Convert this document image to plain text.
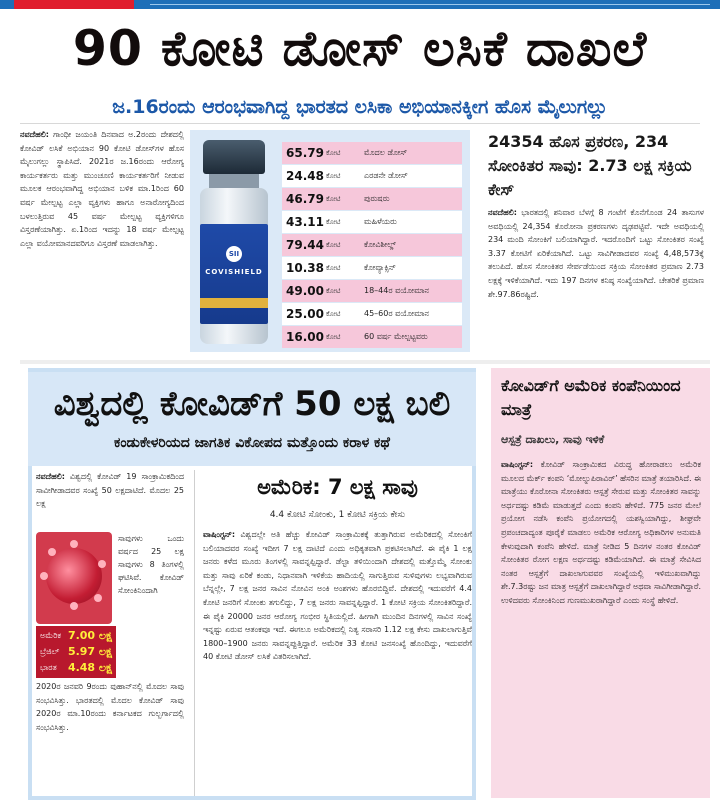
90 ಕೋಟಿ ಡೋಸ್ ಲಸಿಕೆ ದಾಖಲೆ
ಜ.16ರಂದು ಆರಂಭವಾಗಿದ್ದ ಭಾರತದ ಲಸಿಕಾ ಅಭಿಯಾನಕ್ಕೀಗ ಹೊಸ ಮೈಲುಗಲ್ಲು
ನವದೆಹಲಿ: ಗಾಂಧೀ ಜಯಂತಿ ದಿನವಾದ ಅ.2ರಂದು ದೇಶದಲ್ಲಿ ಕೋವಿಡ್ ಲಸಿಕೆ ಅಭಿಯಾನ 90 ಕೋಟಿ ಡೋಸ್‌ಗಳ ಹೊಸ ಮೈಲುಗಲ್ಲು ಸ್ಥಾಪಿಸಿದೆ. 2021ರ ಜ.16ರಂದು ಆರೋಗ್ಯ ಕಾರ್ಯಕರ್ತರು ಮತ್ತು ಮುಂಚೂಣಿ ಕಾರ್ಯಕರ್ತರಿಗೆ ನೀಡುವ ಮೂಲಕ ಆರಂಭವಾಗಿದ್ದ ಅಭಿಯಾನ ಬಳಿಕ ಮಾ.1ರಿಂದ 60 ವರ್ಷ ಮೇಲ್ಪಟ್ಟ ಎಲ್ಲಾ ವ್ಯಕ್ತಿಗಳು ಹಾಗೂ ಅನಾರೋಗ್ಯದಿಂದ ಬಳಲುತ್ತಿರುವ 45 ವರ್ಷ ಮೇಲ್ಪಟ್ಟ ವ್ಯಕ್ತಿಗಳಿಗೂ ವಿಸ್ತರಣೆಯಾಗಿತ್ತು. ಏ.1ರಿಂದ ಇದನ್ನು 18 ವರ್ಷ ಮೇಲ್ಪಟ್ಟ ಎಲ್ಲಾ ವಯೋಮಾನದವರಿಗೂ ವಿಸ್ತರಣೆ ಮಾಡಲಾಗಿತ್ತು.
SII
COVISHIELD
65.79 ಕೋಟಿ	ಮೊದಲ ಡೋಸ್
24.48 ಕೋಟಿ	ಎರಡನೇ ಡೋಸ್
46.79 ಕೋಟಿ	ಪುರುಷರು
43.11 ಕೋಟಿ	ಮಹಿಳೆಯರು
79.44 ಕೋಟಿ	ಕೋವಿಶೀಲ್ಡ್
10.38 ಕೋಟಿ	ಕೋವ್ಯಾಕ್ಸಿನ್
49.00 ಕೋಟಿ	18–44ರ ವಯೋಮಾನ
25.00 ಕೋಟಿ	45–60ರ ವಯೋಮಾನ
16.00 ಕೋಟಿ	60 ವರ್ಷ ಮೇಲ್ಪಟ್ಟವರು
24354 ಹೊಸ ಪ್ರಕರಣ, 234 ಸೋಂಕಿತರ ಸಾವು: 2.73 ಲಕ್ಷ ಸಕ್ರಿಯ ಕೇಸ್
ನವದೆಹಲಿ: ಭಾರತದಲ್ಲಿ ಶನಿವಾರ ಬೆಳಗ್ಗೆ 8 ಗಂಟೆಗೆ ಕೊನೆಗೊಂಡ 24 ತಾಸುಗಳ ಅವಧಿಯಲ್ಲಿ 24,354 ಕೊರೋನಾ ಪ್ರಕರಣಗಳು ದೃಢಪಟ್ಟಿವೆ. ಇದೇ ಅವಧಿಯಲ್ಲಿ 234 ಮಂದಿ ಸೋಂಕಿಗೆ ಬಲಿಯಾಗಿದ್ದಾರೆ. ಇದರೊಂದಿಗೆ ಒಟ್ಟು ಸೋಂಕಿತರ ಸಂಖ್ಯೆ 3.37 ಕೋಟಿಗೆ ಏರಿಕೆಯಾಗಿದೆ. ಒಟ್ಟು ಸಾವಿಗೀಡಾದವರ ಸಂಖ್ಯೆ 4,48,573ಕ್ಕೆ ತಲುಪಿದೆ. ಹೊಸ ಸೋಂಕಿತರ ಸೇರ್ಪಡೆಯಿಂದ ಸಕ್ರಿಯ ಸೋಂಕಿತರ ಪ್ರಮಾಣ 2.73 ಲಕ್ಷಕ್ಕೆ ಇಳಿಕೆಯಾಗಿದೆ. ಇದು 197 ದಿನಗಳ ಕನಿಷ್ಠ ಸಂಖ್ಯೆಯಾಗಿದೆ. ಚೇತರಿಕೆ ಪ್ರಮಾಣ ಶೇ.97.86ರಷ್ಟಿದೆ.
ವಿಶ್ವದಲ್ಲಿ ಕೋವಿಡ್‌ಗೆ 50 ಲಕ್ಷ ಬಲಿ
ಕಂಡುಕೇಳರಿಯದ ಜಾಗತಿಕ ವಿಕೋಪದ ಮತ್ತೊಂದು ಕರಾಳ ಕಥೆ
ನವದೆಹಲಿ: ವಿಶ್ವದಲ್ಲಿ ಕೋವಿಡ್ 19 ಸಾಂಕ್ರಾಮಿಕದಿಂದ ಸಾವೀಗೀಡಾದವರ ಸಂಖ್ಯೆ 50 ಲಕ್ಷದಾಟಿದೆ. ಮೊದಲ 25 ಲಕ್ಷ
ಸಾವುಗಳು ಒಂದು ವರ್ಷದ 25 ಲಕ್ಷ ಸಾವುಗಳು 8 ತಿಂಗಳಲ್ಲಿ ಘಟಿಸಿವೆ. ಕೋವಿಡ್ ಸೋಂಕಿನಿಂದಾಗಿ
ಅಮೆರಿಕ 7.00 ಲಕ್ಷ
ಬ್ರೆಜಿಲ್ 5.97 ಲಕ್ಷ
ಭಾರತ 4.48 ಲಕ್ಷ
2020ರ ಜನವರಿ 9ರಂದು ವುಹಾನ್‌ನಲ್ಲಿ ಮೊದಲ ಸಾವು ಸಂಭವಿಸಿತ್ತು. ಭಾರತದಲ್ಲಿ ಮೊದಲ ಕೋವಿಡ್ ಸಾವು 2020ರ ಮಾ.10ರಂದು ಕರ್ನಾಟಕದ ಗುಲ್ಬರ್ಗಾದಲ್ಲಿ ಸಂಭವಿಸಿತ್ತು.
ಅಮೆರಿಕ: 7 ಲಕ್ಷ ಸಾವು
4.4 ಕೋಟಿ ಸೋಂಕು, 1 ಕೋಟಿ ಸಕ್ರಿಯ ಕೇಸು
ವಾಷಿಂಗ್ಟನ್: ವಿಶ್ವದಲ್ಲೇ ಅತಿ ಹೆಚ್ಚು ಕೋವಿಡ್ ಸಾಂಕ್ರಾಮಿಕಕ್ಕೆ ತುತ್ತಾಗಿರುವ ಅಮೆರಿಕದಲ್ಲಿ ಸೋಂಕಿಗೆ ಬಲಿಯಾದವರ ಸಂಖ್ಯೆ ಇದೀಗ 7 ಲಕ್ಷ ದಾಟಿದೆ ಎಂದು ಅಧಿಕೃತವಾಗಿ ಪ್ರಕಟಿಸಲಾಗಿದೆ. ಈ ಪೈಕಿ 1 ಲಕ್ಷ ಜನರು ಕಳೆದ ಮೂರು ತಿಂಗಳಲ್ಲಿ ಸಾವನ್ನಪ್ಪಿದ್ದಾರೆ. ಡೆಲ್ಟಾ ತಳಿಯಿಂದಾಗಿ ದೇಶದಲ್ಲಿ ಮತ್ತೊಮ್ಮೆ ಸೋಂಕು ಮತ್ತು ಸಾವು ಏರಿಕೆ ಕಂಡು, ನಿಧಾನವಾಗಿ ಇಳಿಕೆಯ ಹಾದಿಯಲ್ಲಿ ಸಾಗುತ್ತಿರುವ ಸುಳಿವುಗಳು ಲಭ್ಯವಾಗಿರುವ ಬೆನ್ನಲ್ಲೇ, 7 ಲಕ್ಷ ಜನರ ಸಾವಿನ ನೋವಿನ ಅಂಕಿ ಅಂಶಗಳು ಹೊರಬಿದ್ದಿವೆ. ದೇಶದಲ್ಲಿ ಇದುವರೆಗೆ 4.4 ಕೋಟಿ ಜನರಿಗೆ ಸೋಂಕು ತಗುಲಿದ್ದು, 7 ಲಕ್ಷ ಜನರು ಸಾವನ್ನಪ್ಪಿದ್ದಾರೆ. 1 ಕೋಟಿ ಸಕ್ರಿಯ ಸೋಂಕಿತರಿದ್ದಾರೆ. ಈ ಪೈಕಿ 20000 ಜನರ ಆರೋಗ್ಯ ಗಂಭೀರ ಸ್ಥಿತಿಯಲ್ಲಿದೆ. ಹೀಗಾಗಿ ಮುಂದಿನ ದಿನಗಳಲ್ಲಿ ಸಾವಿನ ಸಂಖ್ಯೆ ಇನ್ನಷ್ಟು ಏರುವ ಆತಂಕವೂ ಇದೆ. ಈಗಲೂ ಅಮೆರಿಕದಲ್ಲಿ ನಿತ್ಯ ಸರಾಸರಿ 1.12 ಲಕ್ಷ ಕೇಸು ದಾಖಲಾಗುತ್ತಿವೆ 1800–1900 ಜನರು ಸಾವನ್ನಪ್ಪುತ್ತಿದ್ದಾರೆ. ಅಮೆರಿಕ 33 ಕೋಟಿ ಜನಸಂಖ್ಯೆ ಹೊಂದಿದ್ದು, ಇದುವರೆಗೆ 40 ಕೋಟಿ ಡೋಸ್ ಲಸಿಕೆ ವಿತರಿಸಲಾಗಿದೆ.
ಕೋವಿಡ್‌ಗೆ ಅಮೆರಿಕ ಕಂಪೆನಿಯಿಂದ ಮಾತ್ರೆ
ಆಸ್ಪತ್ರೆ ದಾಖಲು, ಸಾವು ಇಳಿಕೆ
ವಾಷಿಂಗ್ಟನ್: ಕೋವಿಡ್ ಸಾಂಕ್ರಾಮಿಕದ ವಿರುದ್ಧ ಹೋರಾಡಲು ಅಮೆರಿಕ ಮೂಲದ ಮೆರ್ಕ್ ಕಂಪನಿ ‘ಮೋಲ್ನುಪಿರಾವಿರ್’ ಹೆಸರಿನ ಮಾತ್ರೆ ತಯಾರಿಸಿದೆ. ಈ ಮಾತ್ರೆಯು ಕೊರೋನಾ ಸೋಂಕಿತರು ಆಸ್ಪತ್ರೆ ಸೇರುವ ಮತ್ತು ಸೋಂಕಿತರ ಸಾವನ್ನು ಅರ್ಧದಷ್ಟು ಕಡಿಮೆ ಮಾಡುತ್ತದೆ ಎಂದು ಕಂಪನಿ ಹೇಳಿದೆ. 775 ಜನರ ಮೇಲೆ ಪ್ರಯೋಗ ನಡೆಸಿ ಕಂಪೆನಿ ಪ್ರಯೋಗದಲ್ಲಿ ಯಶಸ್ವಿಯಾಗಿದ್ದು, ಶೀಘ್ರವೇ ಪ್ರಪಂಚದಾದ್ಯಂತ ಪೂರೈಕೆ ಮಾಡಲು ಅಮೆರಿಕ ಆರೋಗ್ಯ ಅಧಿಕಾರಿಗಳ ಅನುಮತಿ ಕೇಳುವುದಾಗಿ ಕಂಪೆನಿ ಹೇಳಿದೆ. ಮಾತ್ರೆ ನೀಡಿದ 5 ದಿನಗಳ ನಂತರ ಕೋವಿಡ್ ಸೋಂಕಿತರ ರೋಗ ಲಕ್ಷಣ ಅರ್ಧದಷ್ಟು ಕಡಿಮೆಯಾಗಿದೆ. ಈ ಮಾತ್ರೆ ಸೇವಿಸಿದ ನಂತರ ಆಸ್ಪತ್ರೆಗೆ ದಾಖಲಾಗುವವರ ಸಂಖ್ಯೆಯಲ್ಲಿ ಇಳಿಮುಖವಾಗಿದ್ದು ಶೇ.7.3ರಷ್ಟು ಜನ ಮಾತ್ರ ಆಸ್ಪತ್ರೆಗೆ ದಾಖಲಾಗಿದ್ದಾರೆ ಅಥವಾ ಸಾವಿಗೀಡಾಗಿದ್ದಾರೆ. ಉಳಿದವರು ಸೋಂಕಿನಿಂದ ಗುಣಮುಖರಾಗಿದ್ದಾರೆ ಎಂದು ಸಂಸ್ಥೆ ಹೇಳಿದೆ.
